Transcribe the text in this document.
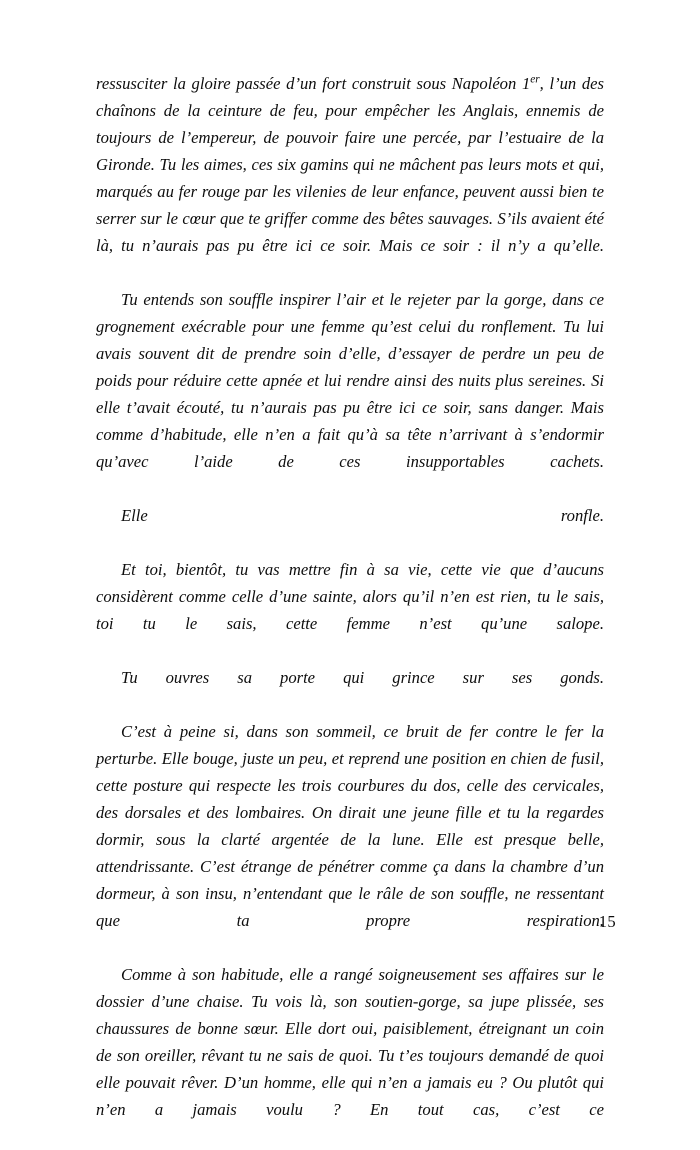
ressusciter la gloire passée d’un fort construit sous Napoléon 1er, l’un des chaînons de la ceinture de feu, pour empêcher les Anglais, ennemis de toujours de l’empereur, de pouvoir faire une percée, par l’estuaire de la Gironde. Tu les aimes, ces six gamins qui ne mâchent pas leurs mots et qui, marqués au fer rouge par les vilenies de leur enfance, peuvent aussi bien te serrer sur le cœur que te griffer comme des bêtes sauvages. S’ils avaient été là, tu n’aurais pas pu être ici ce soir. Mais ce soir : il n’y a qu’elle.

Tu entends son souffle inspirer l’air et le rejeter par la gorge, dans ce grognement exécrable pour une femme qu’est celui du ronflement. Tu lui avais souvent dit de prendre soin d’elle, d’essayer de perdre un peu de poids pour réduire cette apnée et lui rendre ainsi des nuits plus sereines. Si elle t’avait écouté, tu n’aurais pas pu être ici ce soir, sans danger. Mais comme d’habitude, elle n’en a fait qu’à sa tête n’arrivant à s’endormir qu’avec l’aide de ces insupportables cachets.

Elle ronfle.

Et toi, bientôt, tu vas mettre fin à sa vie, cette vie que d’aucuns considèrent comme celle d’une sainte, alors qu’il n’en est rien, tu le sais, toi tu le sais, cette femme n’est qu’une salope.

Tu ouvres sa porte qui grince sur ses gonds.

C’est à peine si, dans son sommeil, ce bruit de fer contre le fer la perturbe. Elle bouge, juste un peu, et reprend une position en chien de fusil, cette posture qui respecte les trois courbures du dos, celle des cervicales, des dorsales et des lombaires. On dirait une jeune fille et tu la regardes dormir, sous la clarté argentée de la lune. Elle est presque belle, attendrissante. C’est étrange de pénétrer comme ça dans la chambre d’un dormeur, à son insu, n’entendant que le râle de son souffle, ne ressentant que ta propre respiration.

Comme à son habitude, elle a rangé soigneusement ses affaires sur le dossier d’une chaise. Tu vois là, son soutien-gorge, sa jupe plissée, ses chaussures de bonne sœur. Elle dort oui, paisiblement, étreignant un coin de son oreiller, rêvant tu ne sais de quoi. Tu t’es toujours demandé de quoi elle pouvait rêver. D’un homme, elle qui n’en a jamais eu ? Ou plutôt qui n’en a jamais voulu ? En tout cas, c’est ce

15
